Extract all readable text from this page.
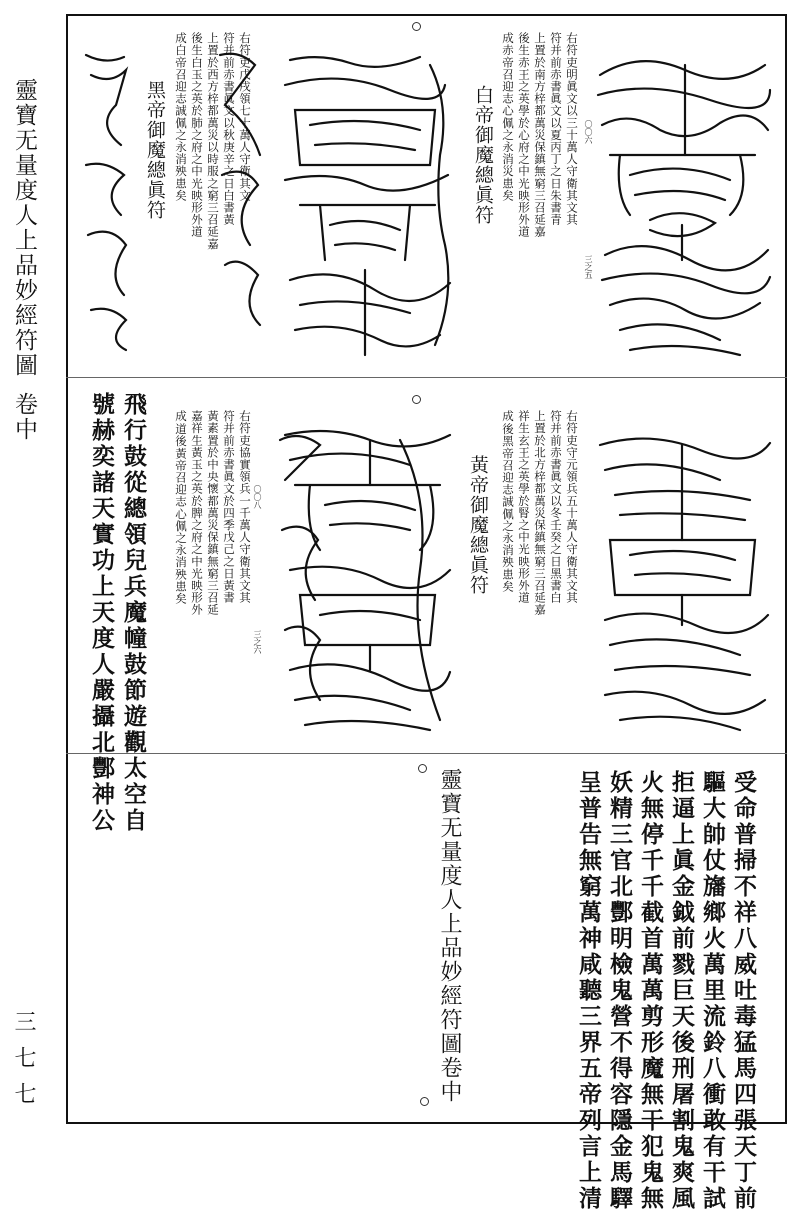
靈寶无量度人上品妙經符圖卷中
三七七
右符吏明眞文以三十萬人守衛其文其
符并前赤書眞文以夏丙丁之日朱書青
上置於南方梓都萬災保鎮無窮三召延嘉
後生赤王之英學於心府之中光映形外道
成赤帝召迎志心佩之永消災患矣	〇〇六
三之五
白帝御魔總眞符
右符吏戊戌領七十萬人守衛其文
符并前赤書眞文以秋庚辛之日白書黃
上置於西方梓都萬災以時服之窮三召延嘉
後生白玉之英於肺之府之中光映形外道
成白帝召迎志誠佩之永消殃患矣
黑帝御魔總眞符
右符吏守元領兵五十萬人守衛其文其
符并前赤書眞文以冬壬癸之日黑書白
上置於北方梓都萬災保鎮無窮三召延嘉
祥生玄王之英學於腎之中光映形外道
後黑帝召迎志誠佩之永消殃患矣
成
黃帝御魔總眞符
右符吏協實領兵一千萬人守衛其文其
符并前赤書眞文於四季戊己之日黃書
黃素置於中央懷都萬災保鎮無窮三召延
嘉祥生黃玉之英於脾之府之中光映形外
道後黃帝召迎志心佩之永消殃患矣
成
〇〇八
三之六
飛行鼓從總領兒兵魔幢鼓節遊觀太空自
號赫奕諸天實功上天度人嚴攝北酆神公
受命普掃不祥八威吐毒猛馬四張天丁前
驅大帥仗旛鄉火萬里流鈴八衝敢有干試
拒逼上眞金鉞前戮巨天後刑屠割鬼爽風
火無停千千截首萬萬剪形魔無干犯鬼無
妖精三官北酆明檢鬼營不得容隱金馬驛
呈普告無窮萬神咸聽三界五帝列言上清
靈寶无量度人上品妙經符圖卷中
